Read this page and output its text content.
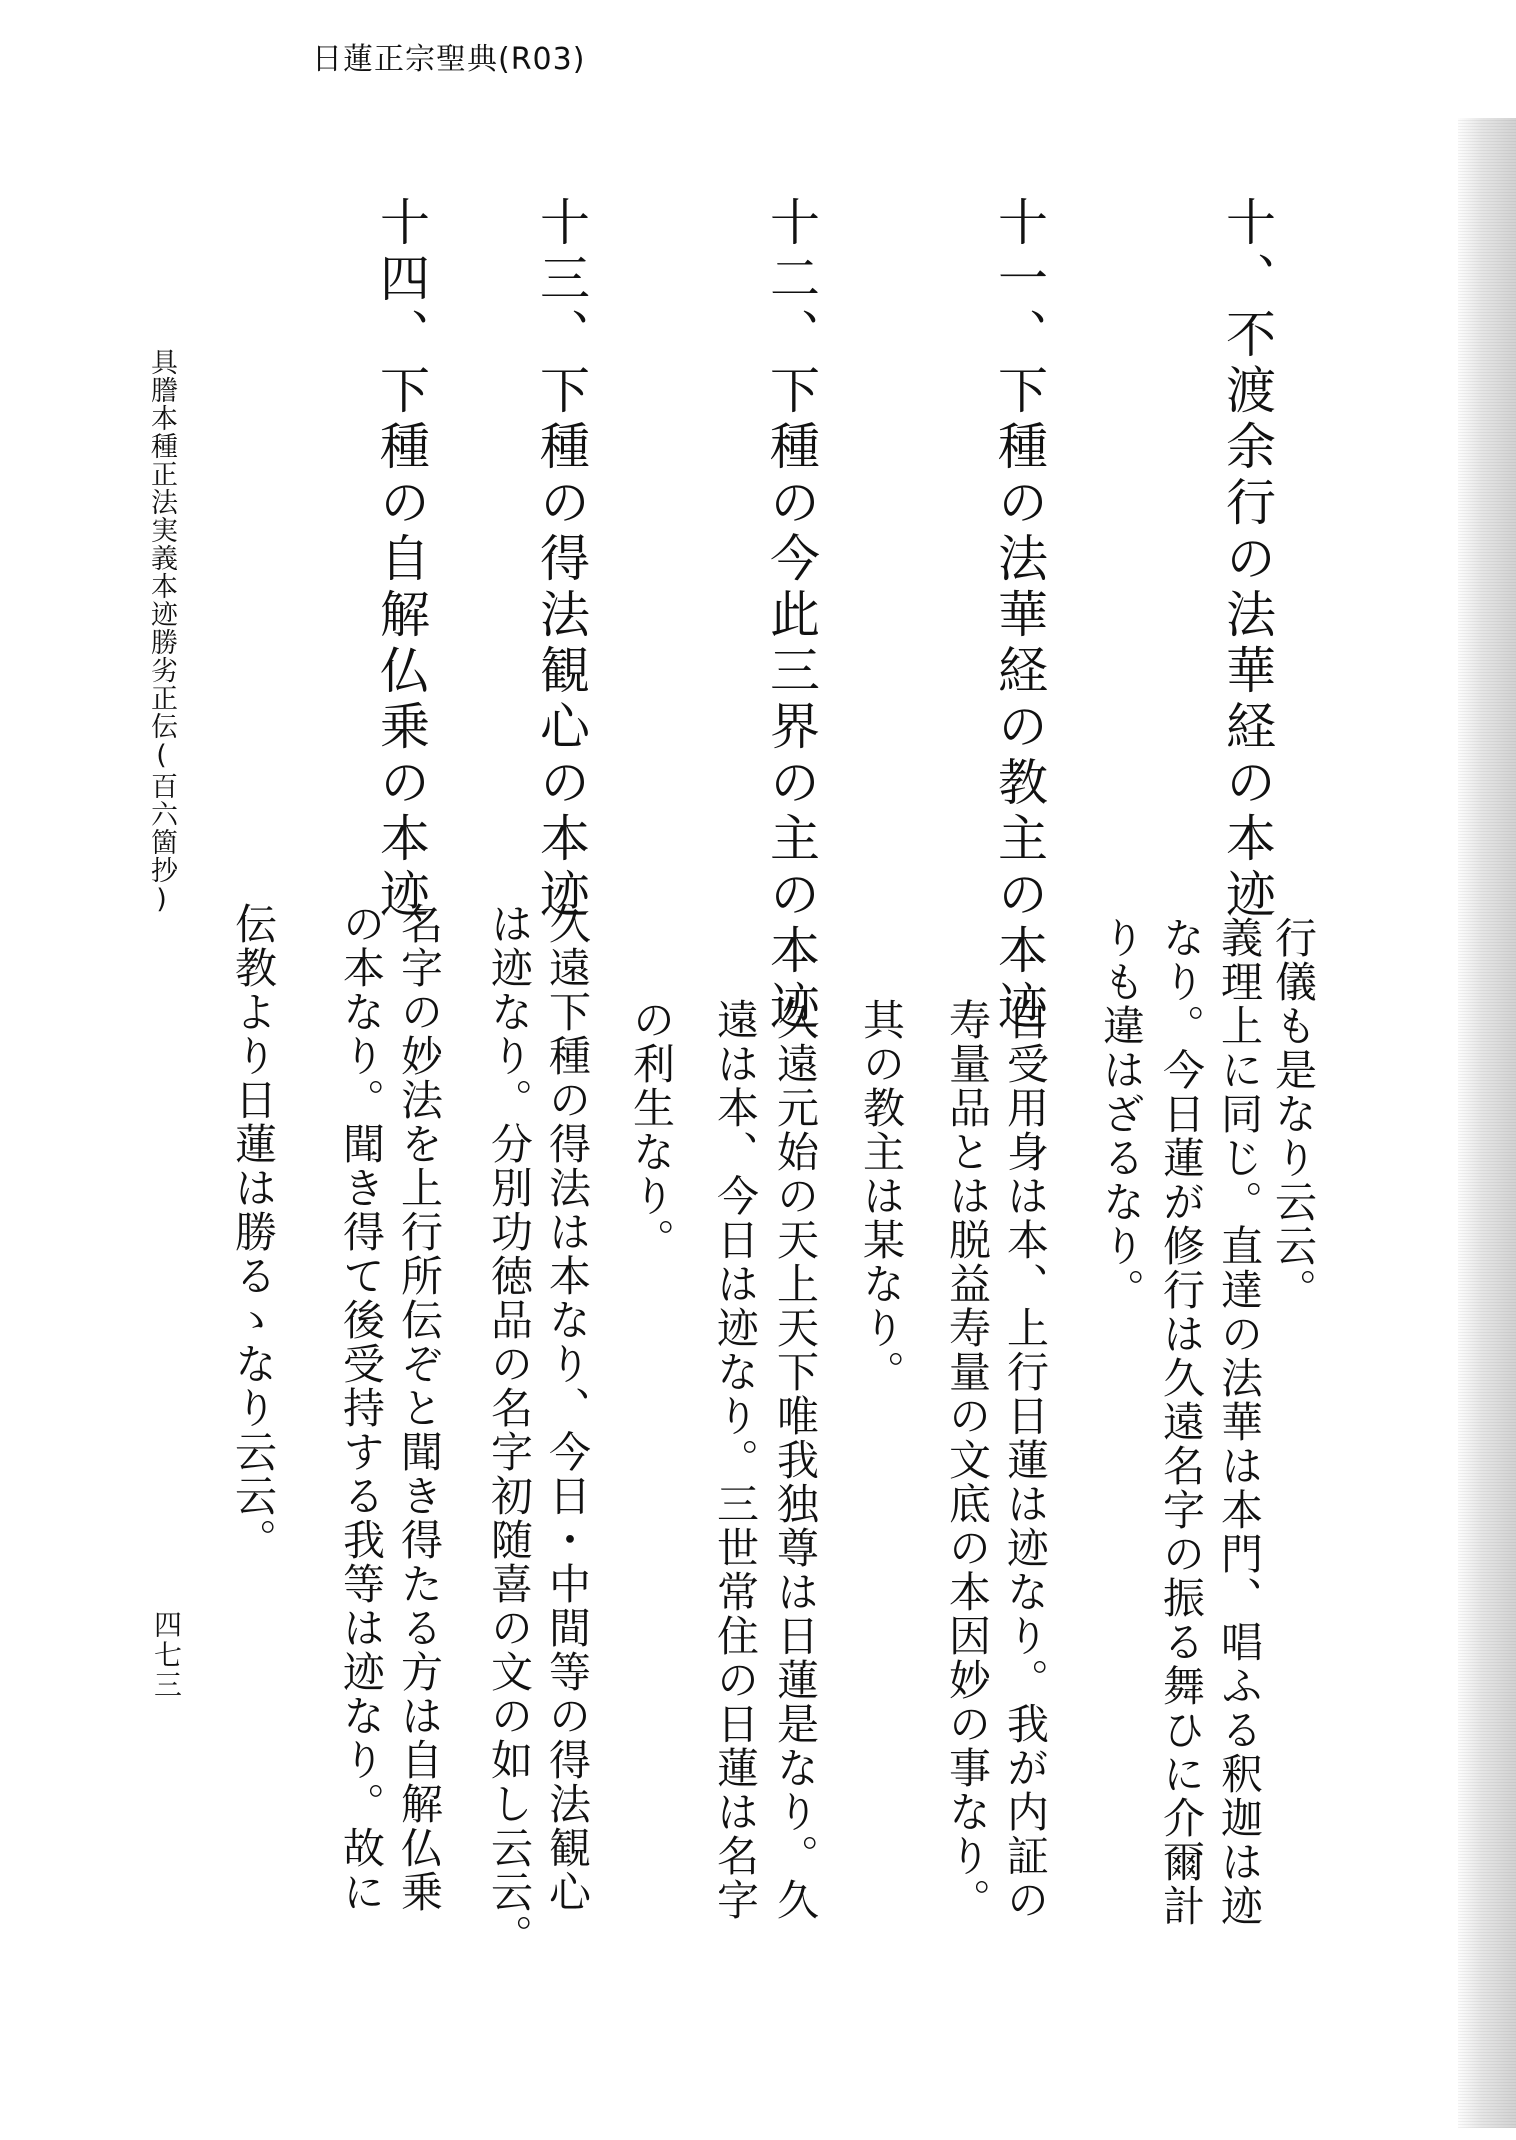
日蓮正宗聖典(R03)
十、不渡余行の法華経の本迹
行儀も是なり云云。
義理上に同じ。直達の法華は本門、唱ふる釈迦は迹
なり。今日蓮が修行は久遠名字の振る舞ひに介爾計
りも違はざるなり。
十一、下種の法華経の教主の本迹
自受用身は本、上行日蓮は迹なり。我が内証の
寿量品とは脱益寿量の文底の本因妙の事なり。
其の教主は某なり。
十二、下種の今此三界の主の本迹
久遠元始の天上天下唯我独尊は日蓮是なり。久
遠は本、今日は迹なり。三世常住の日蓮は名字
の利生なり。
十三、下種の得法観心の本迹
久遠下種の得法は本なり、今日・中間等の得法観心
は迹なり。分別功徳品の名字初随喜の文の如し云云。
十四、下種の自解仏乗の本迹
名字の妙法を上行所伝ぞと聞き得たる方は自解仏乗
の本なり。聞き得て後受持する我等は迹なり。故に
伝教より日蓮は勝るゝなり云云。
具謄本種正法実義本迹勝劣正伝(百六箇抄)
四七三
